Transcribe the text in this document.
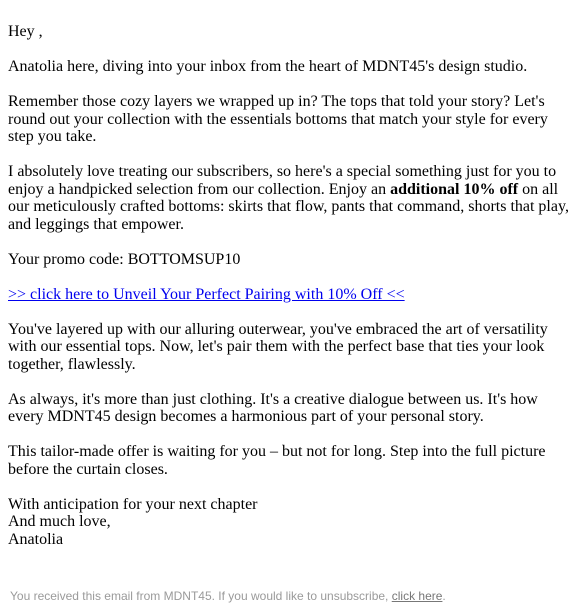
Hey ,

Anatolia here, diving into your inbox from the heart of MDNT45's design studio.

Remember those cozy layers we wrapped up in? The tops that told your story? Let's round out your collection with the essentials bottoms that match your style for every step you take.

I absolutely love treating our subscribers, so here's a special something just for you to enjoy a handpicked selection from our collection. Enjoy an additional 10% off on all our meticulously crafted bottoms: skirts that flow, pants that command, shorts that play, and leggings that empower.

Your promo code: BOTTOMSUP10

>> click here to Unveil Your Perfect Pairing with 10% Off <<

You've layered up with our alluring outerwear, you've embraced the art of versatility with our essential tops. Now, let's pair them with the perfect base that ties your look together, flawlessly.

As always, it's more than just clothing. It's a creative dialogue between us. It's how every MDNT45 design becomes a harmonious part of your personal story.

This tailor-made offer is waiting for you – but not for long. Step into the full picture before the curtain closes.

With anticipation for your next chapter

And much love,

Anatolia

You received this email from MDNT45. If you would like to unsubscribe, click here.
